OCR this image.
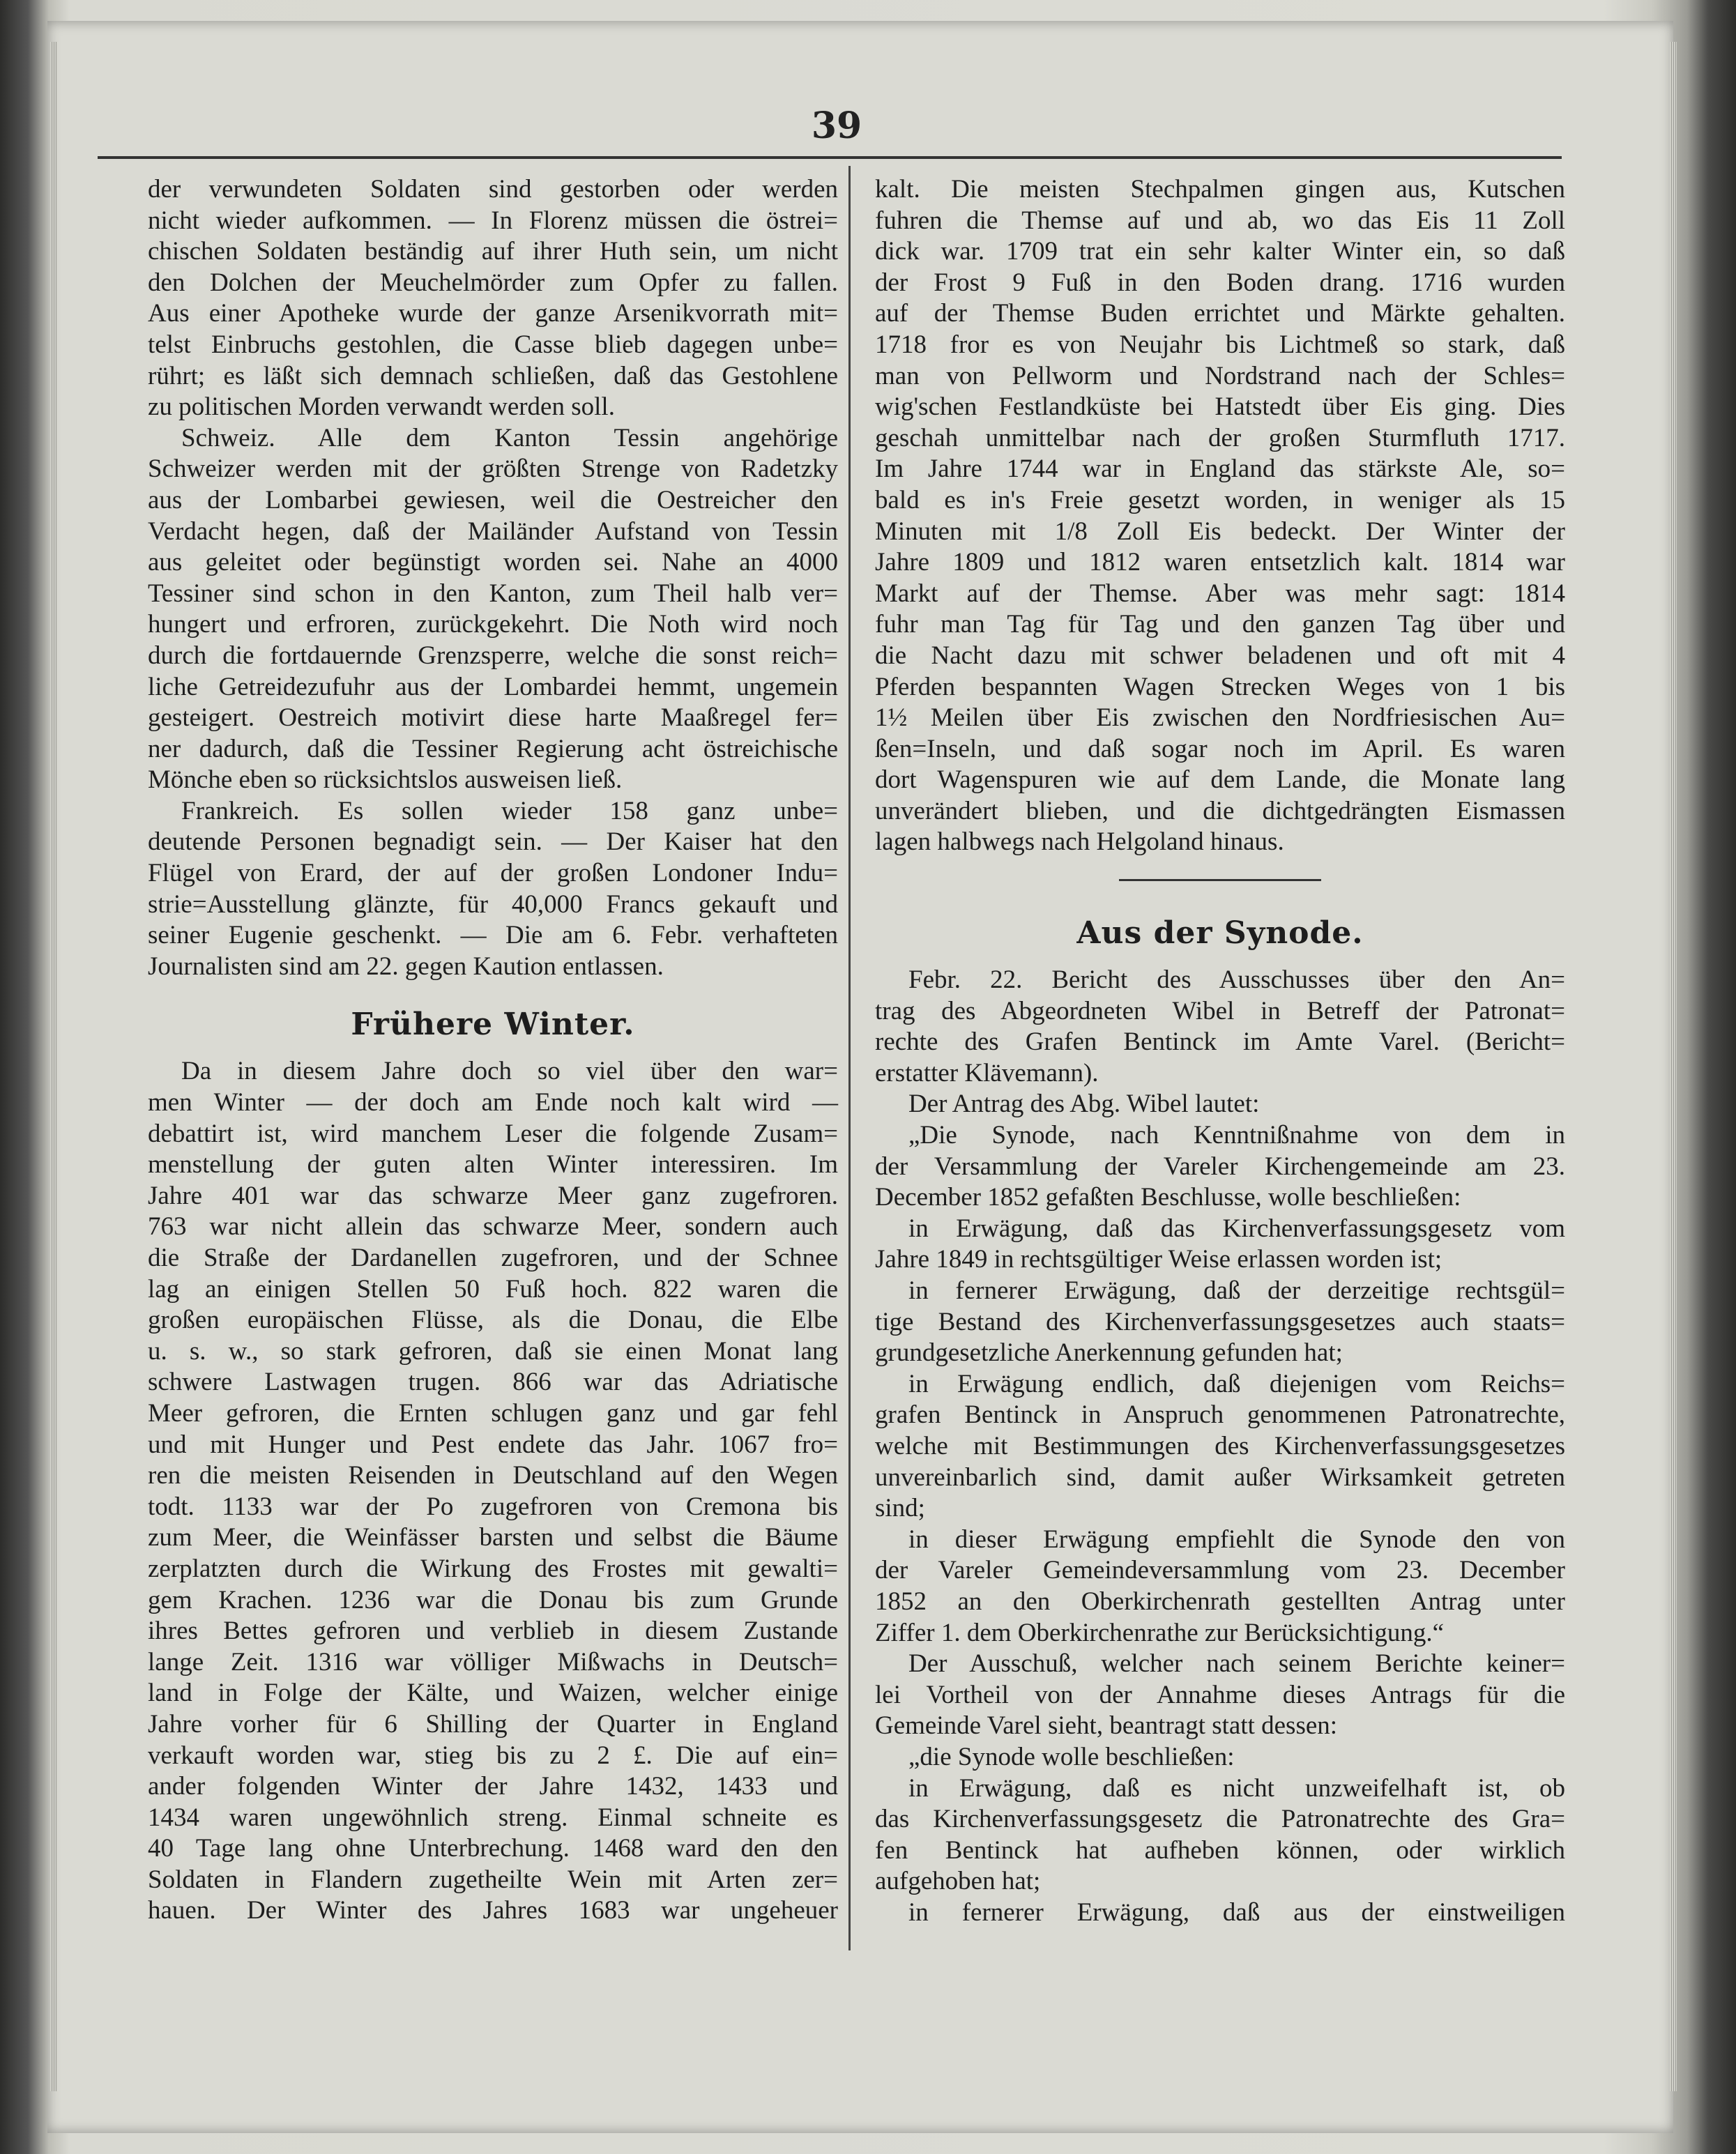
39
der verwundeten Soldaten sind gestorben oder werden
nicht wieder aufkommen. — In Florenz müssen die östrei=
chischen Soldaten beständig auf ihrer Huth sein, um nicht
den Dolchen der Meuchelmörder zum Opfer zu fallen.
Aus einer Apotheke wurde der ganze Arsenikvorrath mit=
telst Einbruchs gestohlen, die Casse blieb dagegen unbe=
rührt; es läßt sich demnach schließen, daß das Gestohlene
zu politischen Morden verwandt werden soll.
Schweiz. Alle dem Kanton Tessin angehörige
Schweizer werden mit der größten Strenge von Radetzky
aus der Lombarbei gewiesen, weil die Oestreicher den
Verdacht hegen, daß der Mailänder Aufstand von Tessin
aus geleitet oder begünstigt worden sei. Nahe an 4000
Tessiner sind schon in den Kanton, zum Theil halb ver=
hungert und erfroren, zurückgekehrt. Die Noth wird noch
durch die fortdauernde Grenzsperre, welche die sonst reich=
liche Getreidezufuhr aus der Lombardei hemmt, ungemein
gesteigert. Oestreich motivirt diese harte Maaßregel fer=
ner dadurch, daß die Tessiner Regierung acht östreichische
Mönche eben so rücksichtslos ausweisen ließ.
Frankreich. Es sollen wieder 158 ganz unbe=
deutende Personen begnadigt sein. — Der Kaiser hat den
Flügel von Erard, der auf der großen Londoner Indu=
strie=Ausstellung glänzte, für 40,000 Francs gekauft und
seiner Eugenie geschenkt. — Die am 6. Febr. verhafteten
Journalisten sind am 22. gegen Kaution entlassen.
Frühere Winter.
Da in diesem Jahre doch so viel über den war=
men Winter — der doch am Ende noch kalt wird —
debattirt ist, wird manchem Leser die folgende Zusam=
menstellung der guten alten Winter interessiren. Im
Jahre 401 war das schwarze Meer ganz zugefroren.
763 war nicht allein das schwarze Meer, sondern auch
die Straße der Dardanellen zugefroren, und der Schnee
lag an einigen Stellen 50 Fuß hoch. 822 waren die
großen europäischen Flüsse, als die Donau, die Elbe
u. s. w., so stark gefroren, daß sie einen Monat lang
schwere Lastwagen trugen. 866 war das Adriatische
Meer gefroren, die Ernten schlugen ganz und gar fehl
und mit Hunger und Pest endete das Jahr. 1067 fro=
ren die meisten Reisenden in Deutschland auf den Wegen
todt. 1133 war der Po zugefroren von Cremona bis
zum Meer, die Weinfässer barsten und selbst die Bäume
zerplatzten durch die Wirkung des Frostes mit gewalti=
gem Krachen. 1236 war die Donau bis zum Grunde
ihres Bettes gefroren und verblieb in diesem Zustande
lange Zeit. 1316 war völliger Mißwachs in Deutsch=
land in Folge der Kälte, und Waizen, welcher einige
Jahre vorher für 6 Shilling der Quarter in England
verkauft worden war, stieg bis zu 2 £. Die auf ein=
ander folgenden Winter der Jahre 1432, 1433 und
1434 waren ungewöhnlich streng. Einmal schneite es
40 Tage lang ohne Unterbrechung. 1468 ward den den
Soldaten in Flandern zugetheilte Wein mit Arten zer=
hauen. Der Winter des Jahres 1683 war ungeheuer
kalt. Die meisten Stechpalmen gingen aus, Kutschen
fuhren die Themse auf und ab, wo das Eis 11 Zoll
dick war. 1709 trat ein sehr kalter Winter ein, so daß
der Frost 9 Fuß in den Boden drang. 1716 wurden
auf der Themse Buden errichtet und Märkte gehalten.
1718 fror es von Neujahr bis Lichtmeß so stark, daß
man von Pellworm und Nordstrand nach der Schles=
wig'schen Festlandküste bei Hatstedt über Eis ging. Dies
geschah unmittelbar nach der großen Sturmfluth 1717.
Im Jahre 1744 war in England das stärkste Ale, so=
bald es in's Freie gesetzt worden, in weniger als 15
Minuten mit 1/8 Zoll Eis bedeckt. Der Winter der
Jahre 1809 und 1812 waren entsetzlich kalt. 1814 war
Markt auf der Themse. Aber was mehr sagt: 1814
fuhr man Tag für Tag und den ganzen Tag über und
die Nacht dazu mit schwer beladenen und oft mit 4
Pferden bespannten Wagen Strecken Weges von 1 bis
1½ Meilen über Eis zwischen den Nordfriesischen Au=
ßen=Inseln, und daß sogar noch im April. Es waren
dort Wagenspuren wie auf dem Lande, die Monate lang
unverändert blieben, und die dichtgedrängten Eismassen
lagen halbwegs nach Helgoland hinaus.
Aus der Synode.
Febr. 22. Bericht des Ausschusses über den An=
trag des Abgeordneten Wibel in Betreff der Patronat=
rechte des Grafen Bentinck im Amte Varel. (Bericht=
erstatter Klävemann).
Der Antrag des Abg. Wibel lautet:
„Die Synode, nach Kenntnißnahme von dem in
der Versammlung der Vareler Kirchengemeinde am 23.
December 1852 gefaßten Beschlusse, wolle beschließen:
in Erwägung, daß das Kirchenverfassungsgesetz vom
Jahre 1849 in rechtsgültiger Weise erlassen worden ist;
in fernerer Erwägung, daß der derzeitige rechtsgül=
tige Bestand des Kirchenverfassungsgesetzes auch staats=
grundgesetzliche Anerkennung gefunden hat;
in Erwägung endlich, daß diejenigen vom Reichs=
grafen Bentinck in Anspruch genommenen Patronatrechte,
welche mit Bestimmungen des Kirchenverfassungsgesetzes
unvereinbarlich sind, damit außer Wirksamkeit getreten
sind;
in dieser Erwägung empfiehlt die Synode den von
der Vareler Gemeindeversammlung vom 23. December
1852 an den Oberkirchenrath gestellten Antrag unter
Ziffer 1. dem Oberkirchenrathe zur Berücksichtigung.“
Der Ausschuß, welcher nach seinem Berichte keiner=
lei Vortheil von der Annahme dieses Antrags für die
Gemeinde Varel sieht, beantragt statt dessen:
„die Synode wolle beschließen:
in Erwägung, daß es nicht unzweifelhaft ist, ob
das Kirchenverfassungsgesetz die Patronatrechte des Gra=
fen Bentinck hat aufheben können, oder wirklich
aufgehoben hat;
in fernerer Erwägung, daß aus der einstweiligen
